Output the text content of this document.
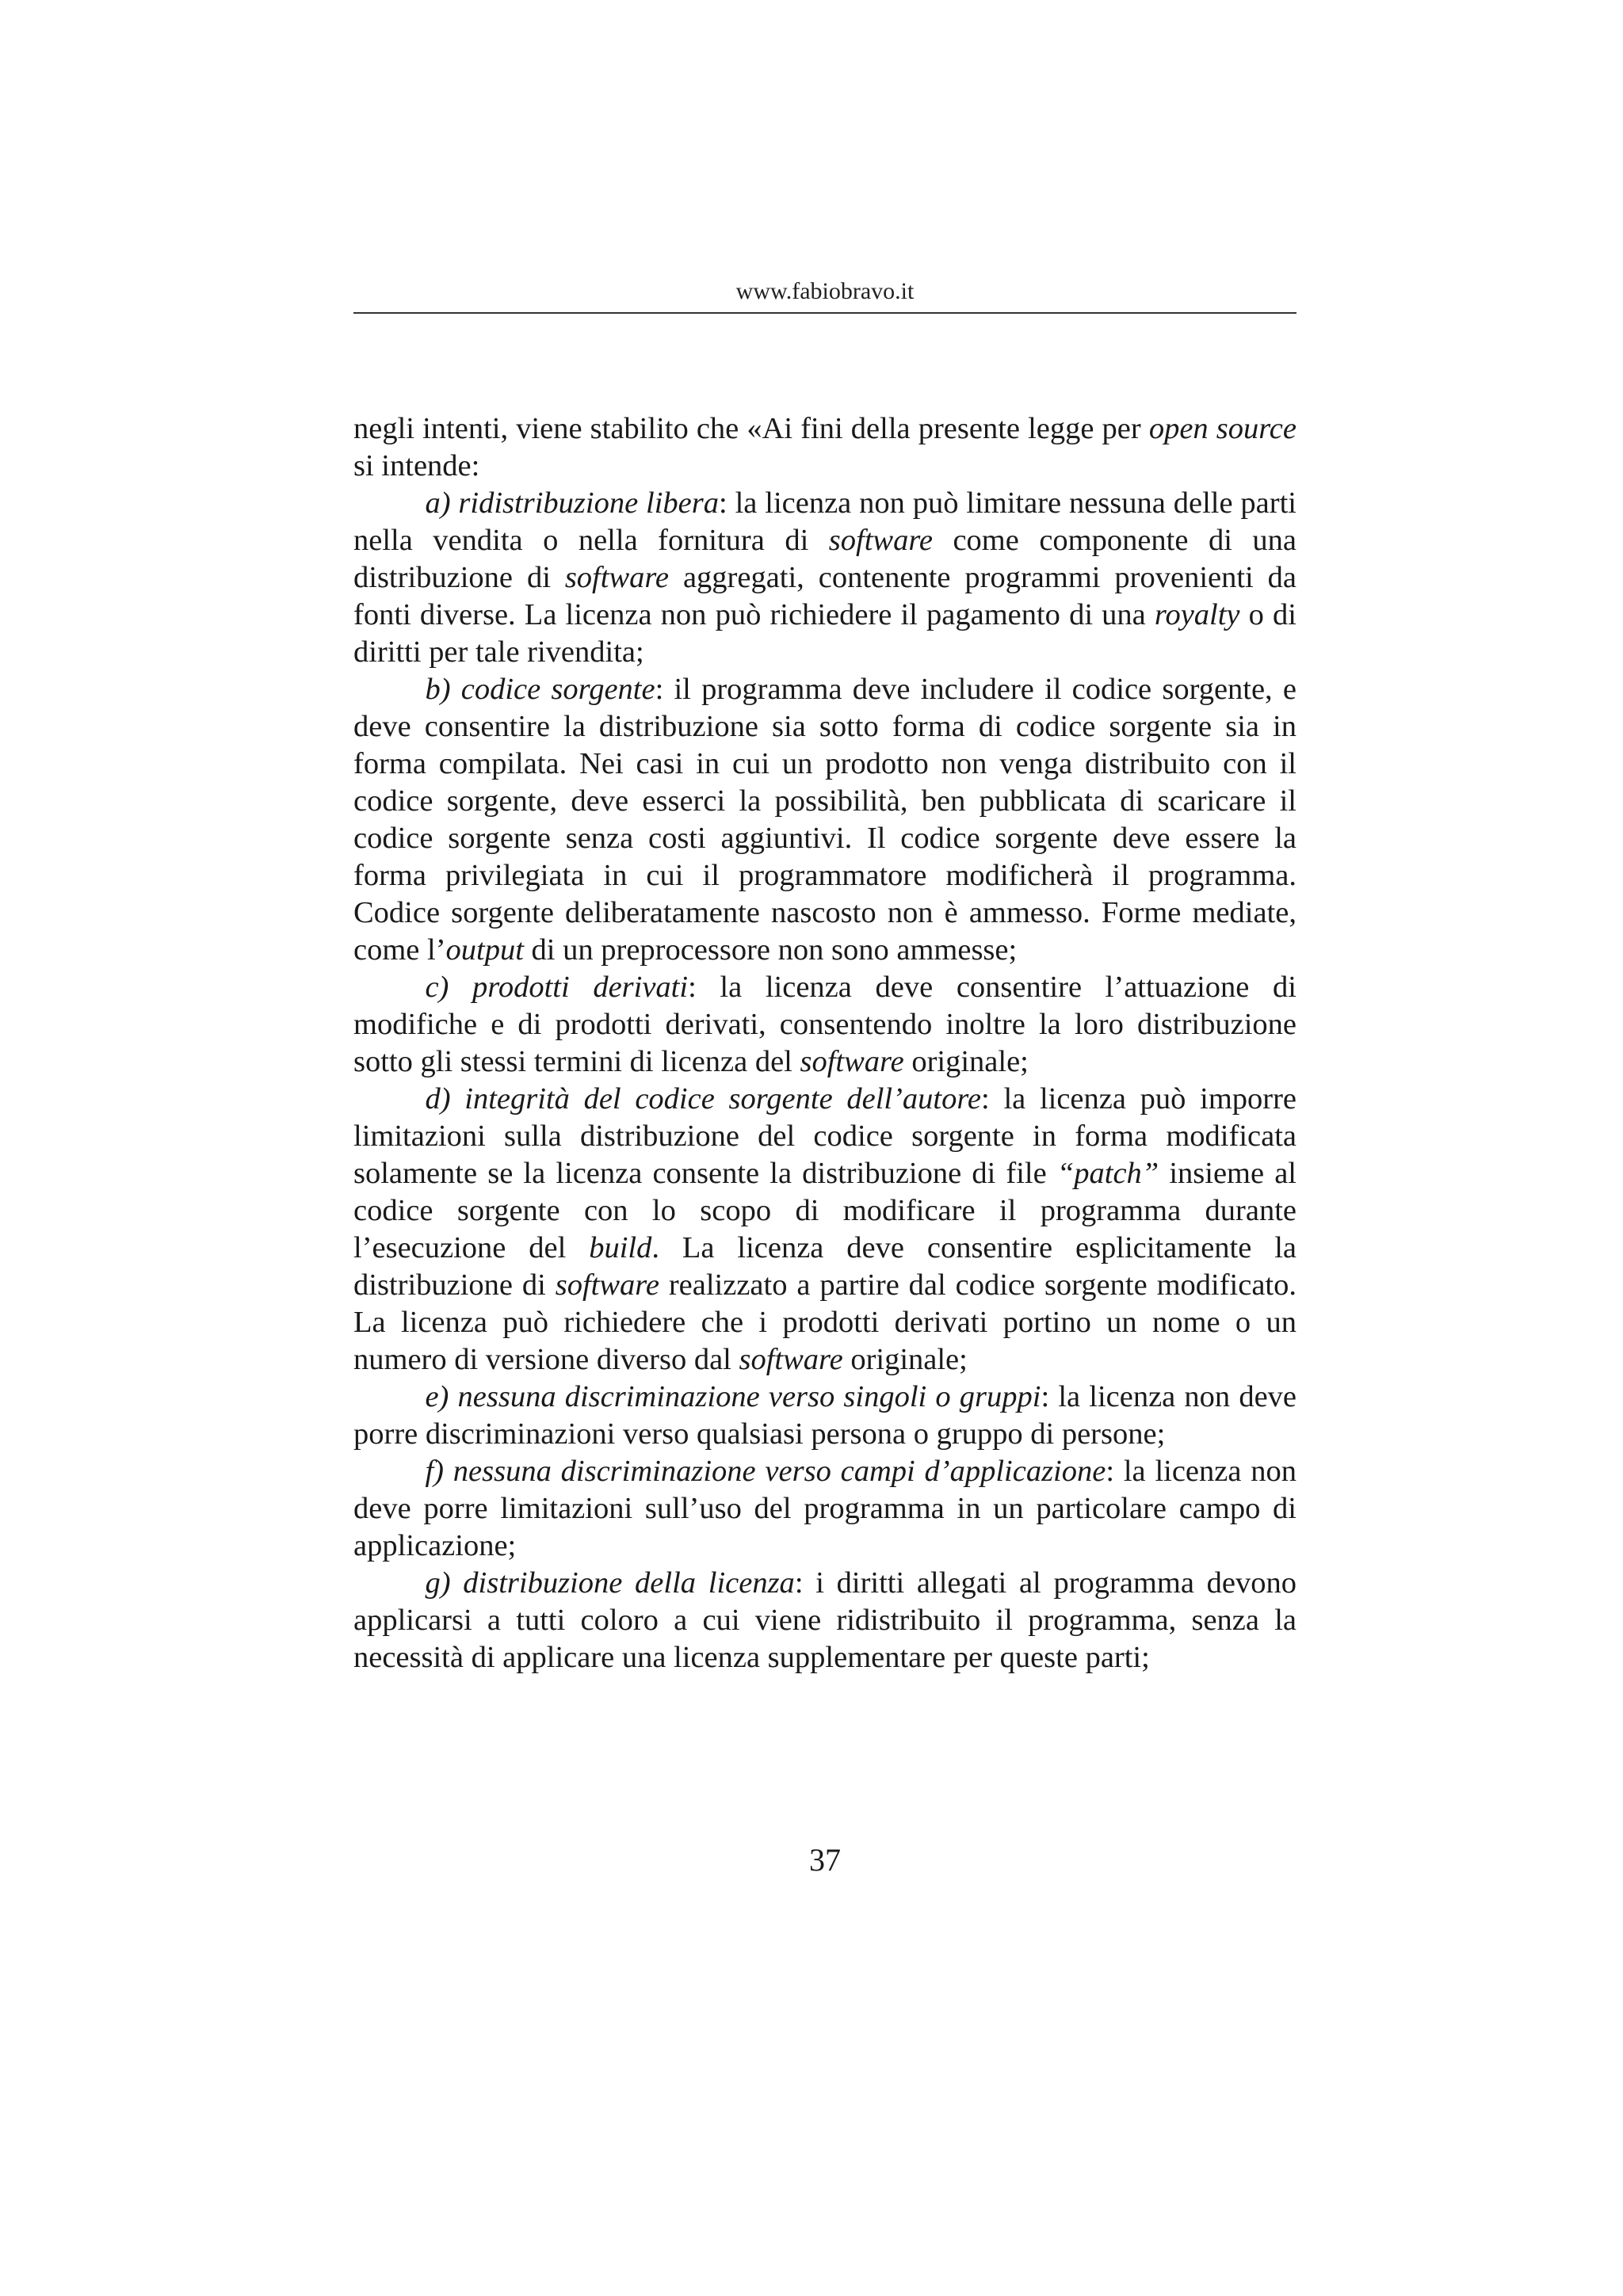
www.fabiobravo.it

negli intenti, viene stabilito che «Ai fini della presente legge per open source si intende:

a) ridistribuzione libera: la licenza non può limitare nessuna delle parti nella vendita o nella fornitura di software come componente di una distribuzione di software aggregati, contenente programmi provenienti da fonti diverse. La licenza non può richiedere il pagamento di una royalty o di diritti per tale rivendita;

b) codice sorgente: il programma deve includere il codice sorgente, e deve consentire la distribuzione sia sotto forma di codice sorgente sia in forma compilata. Nei casi in cui un prodotto non venga distribuito con il codice sorgente, deve esserci la possibilità, ben pubblicata di scaricare il codice sorgente senza costi aggiuntivi. Il codice sorgente deve essere la forma privilegiata in cui il programmatore modificherà il programma. Codice sorgente deliberatamente nascosto non è ammesso. Forme mediate, come l’output di un preprocessore non sono ammesse;

c) prodotti derivati: la licenza deve consentire l’attuazione di modifiche e di prodotti derivati, consentendo inoltre la loro distribuzione sotto gli stessi termini di licenza del software originale;

d) integrità del codice sorgente dell’autore: la licenza può imporre limitazioni sulla distribuzione del codice sorgente in forma modificata solamente se la licenza consente la distribuzione di file “patch” insieme al codice sorgente con lo scopo di modificare il programma durante l’esecuzione del build. La licenza deve consentire esplicitamente la distribuzione di software realizzato a partire dal codice sorgente modificato. La licenza può richiedere che i prodotti derivati portino un nome o un numero di versione diverso dal software originale;

e) nessuna discriminazione verso singoli o gruppi: la licenza non deve porre discriminazioni verso qualsiasi persona o gruppo di persone;

f) nessuna discriminazione verso campi d’applicazione: la licenza non deve porre limitazioni sull’uso del programma in un particolare campo di applicazione;

g) distribuzione della licenza: i diritti allegati al programma devono applicarsi a tutti coloro a cui viene ridistribuito il programma, senza la necessità di applicare una licenza supplementare per queste parti;

37
